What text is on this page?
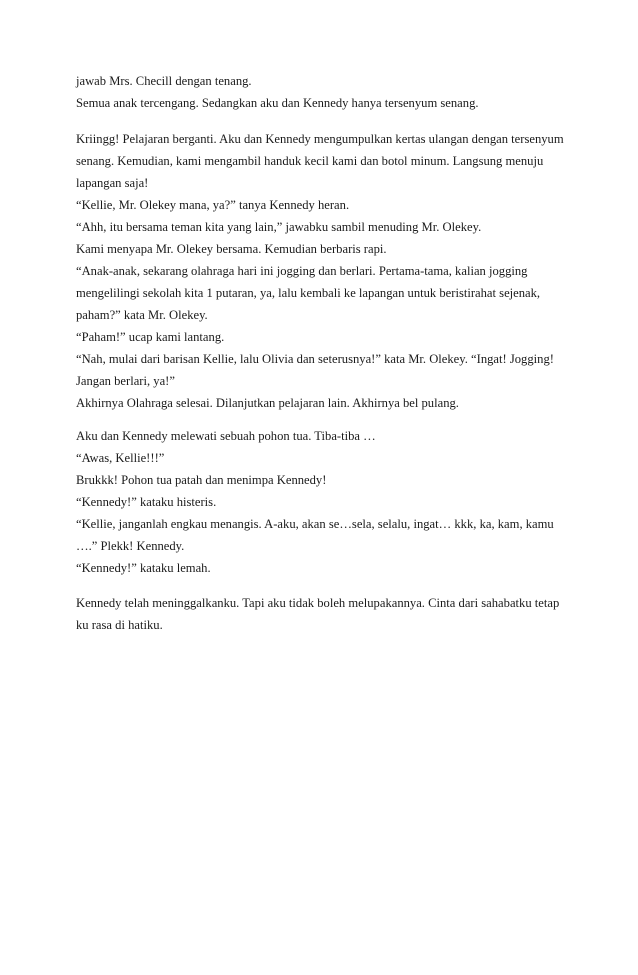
jawab Mrs. Checill dengan tenang.
Semua anak tercengang. Sedangkan aku dan Kennedy hanya tersenyum senang.
Kriingg! Pelajaran berganti. Aku dan Kennedy mengumpulkan kertas ulangan dengan tersenyum
senang. Kemudian, kami mengambil handuk kecil kami dan botol minum. Langsung menuju
lapangan saja!
“Kellie, Mr. Olekey mana, ya?” tanya Kennedy heran.
“Ahh, itu bersama teman kita yang lain,” jawabku sambil menuding Mr. Olekey.
Kami menyapa Mr. Olekey bersama. Kemudian berbaris rapi.
“Anak-anak, sekarang olahraga hari ini jogging dan berlari. Pertama-tama, kalian jogging
mengelilingi sekolah kita 1 putaran, ya, lalu kembali ke lapangan untuk beristirahat sejenak,
paham?” kata Mr. Olekey.
“Paham!” ucap kami lantang.
“Nah, mulai dari barisan Kellie, lalu Olivia dan seterusnya!” kata Mr. Olekey. “Ingat! Jogging!
Jangan berlari, ya!”
Akhirnya Olahraga selesai. Dilanjutkan pelajaran lain. Akhirnya bel pulang.
Aku dan Kennedy melewati sebuah pohon tua. Tiba-tiba …
“Awas, Kellie!!!”
Brukkk! Pohon tua patah dan menimpa Kennedy!
“Kennedy!” kataku histeris.
“Kellie, janganlah engkau menangis. A-aku, akan se…sela, selalu, ingat… kkk, ka, kam, kamu
….” Plekk! Kennedy.
“Kennedy!” kataku lemah.
Kennedy telah meninggalkanku. Tapi aku tidak boleh melupakannya. Cinta dari sahabatku tetap
ku rasa di hatiku.
